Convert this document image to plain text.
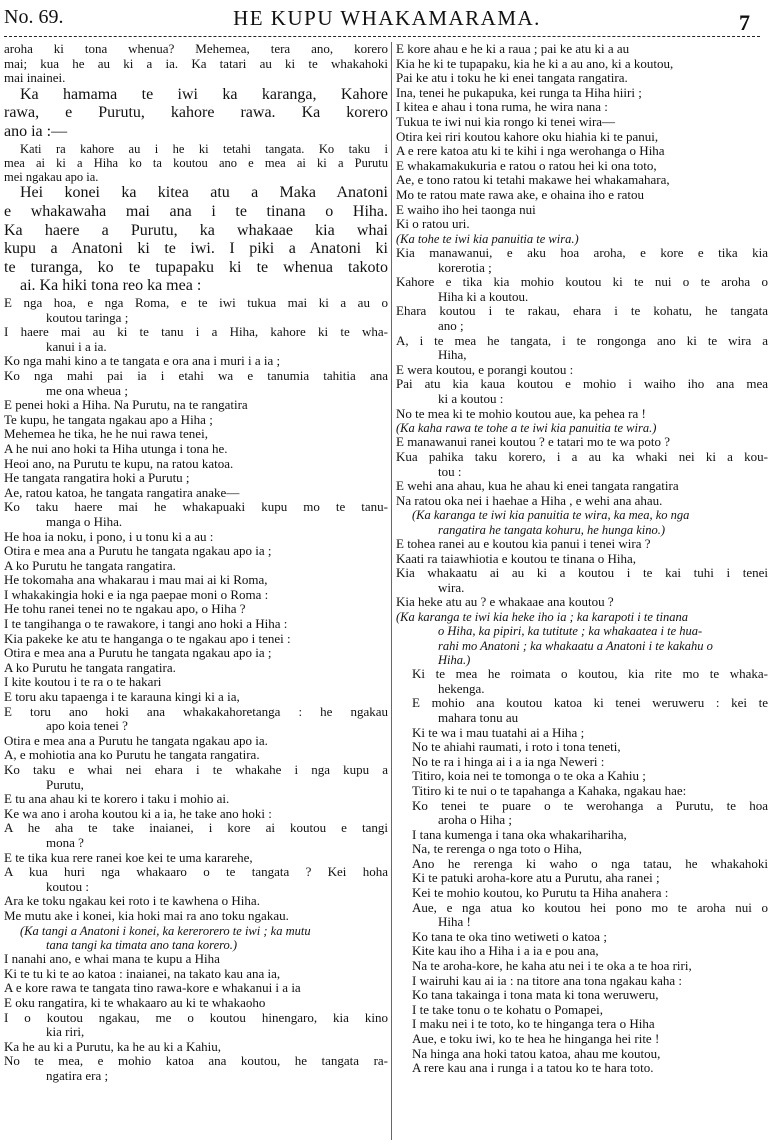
No. 69.	HE KUPU WHAKAMARAMA.	7
aroha ki tona whenua? Mehemea, tera ano, korero
mai; kua he au ki a ia. Ka tatari au ki te whakahoki
mai inainei.
Ka hamama te iwi ka karanga, Kahore
rawa, e Purutu, kahore rawa. Ka korero
ano ia :—
Kati ra kahore au i he ki tetahi tangata. Ko taku i
mea ai ki a Hiha ko ta koutou ano e mea ai ki a Purutu
mei ngakau apo ia.
Hei konei ka kitea atu a Maka Anatoni
e whakawaha mai ana i te tinana o Hiha.
Ka haere a Purutu, ka whakaae kia whai
kupu a Anatoni ki te iwi. I piki a Anatoni ki
te turanga, ko te tupapaku ki te whenua takoto
ai. Ka hiki tona reo ka mea :
E nga hoa, e nga Roma, e te iwi tukua mai ki a au o
koutou taringa ;
I haere mai au ki te tanu i a Hiha, kahore ki te wha-
kanui i a ia.
Ko nga mahi kino a te tangata e ora ana i muri i a ia ;
Ko nga mahi pai ia i etahi wa e tanumia tahitia ana
me ona wheua ;
E penei hoki a Hiha. Na Purutu, na te rangatira
Te kupu, he tangata ngakau apo a Hiha ;
Mehemea he tika, he he nui rawa tenei,
A he nui ano hoki ta Hiha utunga i tona he.
Heoi ano, na Purutu te kupu, na ratou katoa.
He tangata rangatira hoki a Purutu ;
Ae, ratou katoa, he tangata rangatira anake—
Ko taku haere mai he whakapuaki kupu mo te tanu-
manga o Hiha.
He hoa ia noku, i pono, i u tonu ki a au :
Otira e mea ana a Purutu he tangata ngakau apo ia ;
A ko Purutu he tangata rangatira.
He tokomaha ana whakarau i mau mai ai ki Roma,
I whakakingia hoki e ia nga paepae moni o Roma :
He tohu ranei tenei no te ngakau apo, o Hiha ?
I te tangihanga o te rawakore, i tangi ano hoki a Hiha :
Kia pakeke ke atu te hanganga o te ngakau apo i tenei :
Otira e mea ana a Purutu he tangata ngakau apo ia ;
A ko Purutu he tangata rangatira.
I kite koutou i te ra o te hakari
E toru aku tapaenga i te karauna kingi ki a ia,
E toru ano hoki ana whakakahoretanga : he ngakau
apo koia tenei ?
Otira e mea ana a Purutu he tangata ngakau apo ia.
A, e mohiotia ana ko Purutu he tangata rangatira.
Ko taku e whai nei ehara i te whakahe i nga kupu a
Purutu,
E tu ana ahau ki te korero i taku i mohio ai.
Ke wa ano i aroha koutou ki a ia, he take ano hoki :
A he aha te take inaianei, i kore ai koutou e tangi
mona ?
E te tika kua rere ranei koe kei te uma kararehe,
A kua huri nga whakaaro o te tangata ? Kei hoha
koutou :
Ara ke toku ngakau kei roto i te kawhena o Hiha.
Me mutu ake i konei, kia hoki mai ra ano toku ngakau.
(Ka tangi a Anatoni i konei, ka kererorero te iwi ; ka mutu
tana tangi ka timata ano tana korero.)
I nanahi ano, e whai mana te kupu a Hiha
Ki te tu ki te ao katoa : inaianei, na takato kau ana ia,
A e kore rawa te tangata tino rawa-kore e whakanui i a ia
E oku rangatira, ki te whakaaro au ki te whakaoho
I o koutou ngakau, me o koutou hinengaro, kia kino
kia riri,
Ka he au ki a Purutu, ka he au ki a Kahiu,
No te mea, e mohio katoa ana koutou, he tangata ra-
ngatira era ;
E kore ahau e he ki a raua ; pai ke atu ki a au
Kia he ki te tupapaku, kia he ki a au ano, ki a koutou,
Pai ke atu i toku he ki enei tangata rangatira.
Ina, tenei he pukapuka, kei runga ta Hiha hiiri ;
I kitea e ahau i tona ruma, he wira nana :
Tukua te iwi nui kia rongo ki tenei wira—
Otira kei riri koutou kahore oku hiahia ki te panui,
A e rere katoa atu ki te kihi i nga werohanga o Hiha
E whakamakukuria e ratou o ratou hei ki ona toto,
Ae, e tono ratou ki tetahi makawe hei whakamahara,
Mo te ratou mate rawa ake, e ohaina iho e ratou
E waiho iho hei taonga nui
Ki o ratou uri.
(Ka tohe te iwi kia panuitia te wira.)
Kia manawanui, e aku hoa aroha, e kore e tika kia
korerotia ;
Kahore e tika kia mohio koutou ki te nui o te aroha o
Hiha ki a koutou.
Ehara koutou i te rakau, ehara i te kohatu, he tangata
ano ;
A, i te mea he tangata, i te rongonga ano ki te wira a
Hiha,
E wera koutou, e porangi koutou :
Pai atu kia kaua koutou e mohio i waiho iho ana mea
ki a koutou :
No te mea ki te mohio koutou aue, ka pehea ra !
(Ka kaha rawa te tohe a te iwi kia panuitia te wira.)
E manawanui ranei koutou ? e tatari mo te wa poto ?
Kua pahika taku korero, i a au ka whaki nei ki a kou-
tou :
E wehi ana ahau, kua he ahau ki enei tangata rangatira
Na ratou oka nei i haehae a Hiha , e wehi ana ahau.
(Ka karanga te iwi kia panuitia te wira, ka mea, ko nga
rangatira he tangata kohuru, he hunga kino.)
E tohea ranei au e koutou kia panui i tenei wira ?
Kaati ra taiawhiotia e koutou te tinana o Hiha,
Kia whakaatu ai au ki a koutou i te kai tuhi i tenei
wira.
Kia heke atu au ? e whakaae ana koutou ?
(Ka karanga te iwi kia heke iho ia ; ka karapoti i te tinana
o Hiha, ka pipiri, ka tutitute ; ka whakaatea i te hua-
rahi mo Anatoni ; ka whakaatu a Anatoni i te kakahu o
Hiha.)
Ki te mea he roimata o koutou, kia rite mo te whaka-
hekenga.
E mohio ana koutou katoa ki tenei weruweru : kei te
mahara tonu au
Ki te wa i mau tuatahi ai a Hiha ;
No te ahiahi raumati, i roto i tona teneti,
No te ra i hinga ai i a ia nga Neweri :
Titiro, koia nei te tomonga o te oka a Kahiu ;
Titiro ki te nui o te tapahanga a Kahaka, ngakau hae:
Ko tenei te puare o te werohanga a Purutu, te hoa
aroha o Hiha ;
I tana kumenga i tana oka whakarihariha,
Na, te rerenga o nga toto o Hiha,
Ano he rerenga ki waho o nga tatau, he whakahoki
Ki te patuki aroha-kore atu a Purutu, aha ranei ;
Kei te mohio koutou, ko Purutu ta Hiha anahera :
Aue, e nga atua ko koutou hei pono mo te aroha nui o
Hiha !
Ko tana te oka tino wetiweti o katoa ;
Kite kau iho a Hiha i a ia e pou ana,
Na te aroha-kore, he kaha atu nei i te oka a te hoa riri,
I wairuhi kau ai ia : na titore ana tona ngakau kaha :
Ko tana takainga i tona mata ki tona weruweru,
I te take tonu o te kohatu o Pomapei,
I maku nei i te toto, ko te hinganga tera o Hiha
Aue, e toku iwi, ko te hea he hinganga hei rite !
Na hinga ana hoki tatou katoa, ahau me koutou,
A rere kau ana i runga i a tatou ko te hara toto.
